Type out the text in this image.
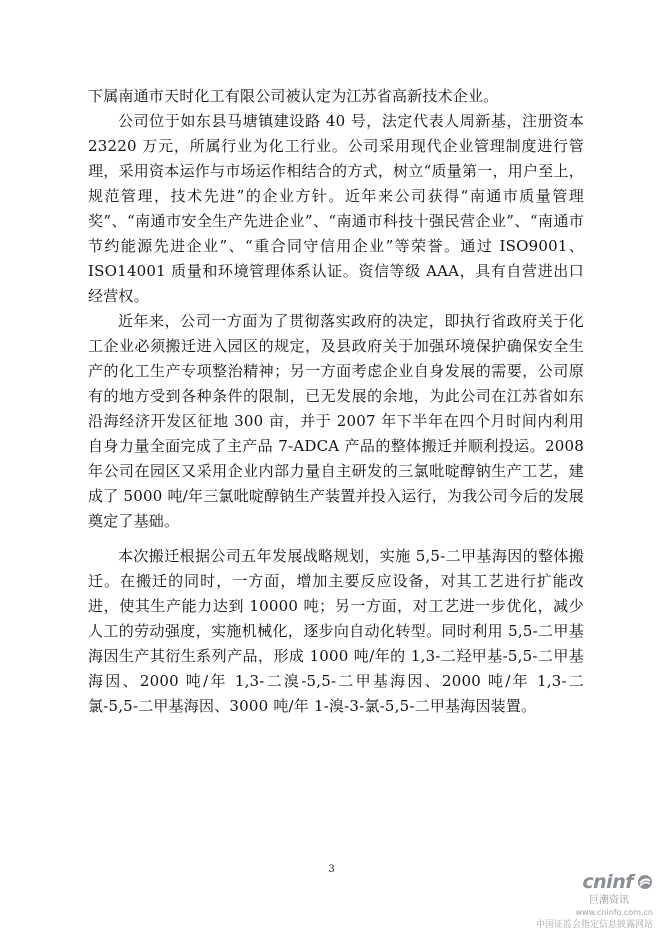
下属南通市天时化工有限公司被认定为江苏省高新技术企业。

公司位于如东县马塘镇建设路 40 号，法定代表人周新基，注册资本23220 万元，所属行业为化工行业。公司采用现代企业管理制度进行管理，采用资本运作与市场运作相结合的方式，树立“质量第一，用户至上，规范管理，技术先进”的企业方针。近年来公司获得“南通市质量管理奖”、“南通市安全生产先进企业”、“南通市科技十强民营企业”、“南通市节约能源先进企业”、“重合同守信用企业”等荣誉。通过 ISO9001、ISO14001 质量和环境管理体系认证。资信等级 AAA，具有自营进出口经营权。

近年来，公司一方面为了贯彻落实政府的决定，即执行省政府关于化工企业必须搬迁进入园区的规定，及县政府关于加强环境保护确保安全生产的化工生产专项整治精神；另一方面考虑企业自身发展的需要，公司原有的地方受到各种条件的限制，已无发展的余地，为此公司在江苏省如东沿海经济开发区征地 300 亩，并于 2007 年下半年在四个月时间内利用自身力量全面完成了主产品 7-ADCA 产品的整体搬迁并顺利投运。2008 年公司在园区又采用企业内部力量自主研发的三氯吡啶醇钠生产工艺，建成了 5000 吨/年三氯吡啶醇钠生产装置并投入运行，为我公司今后的发展奠定了基础。

本次搬迁根据公司五年发展战略规划，实施 5,5-二甲基海因的整体搬迁。在搬迁的同时，一方面，增加主要反应设备，对其工艺进行扩能改进，使其生产能力达到 10000 吨；另一方面，对工艺进一步优化，减少人工的劳动强度，实施机械化，逐步向自动化转型。同时利用 5,5-二甲基海因生产其衍生系列产品，形成 1000 吨/年的 1,3-二羟甲基-5,5-二甲基海因、2000 吨/年 1,3-二溴-5,5-二甲基海因、2000 吨/年 1,3-二氯-5,5-二甲基海因、3000 吨/年 1-溴-3-氯-5,5-二甲基海因装置。

3
cninf
巨潮资讯
www.cninfo.com.cn
中国证监会指定信息披露网站
